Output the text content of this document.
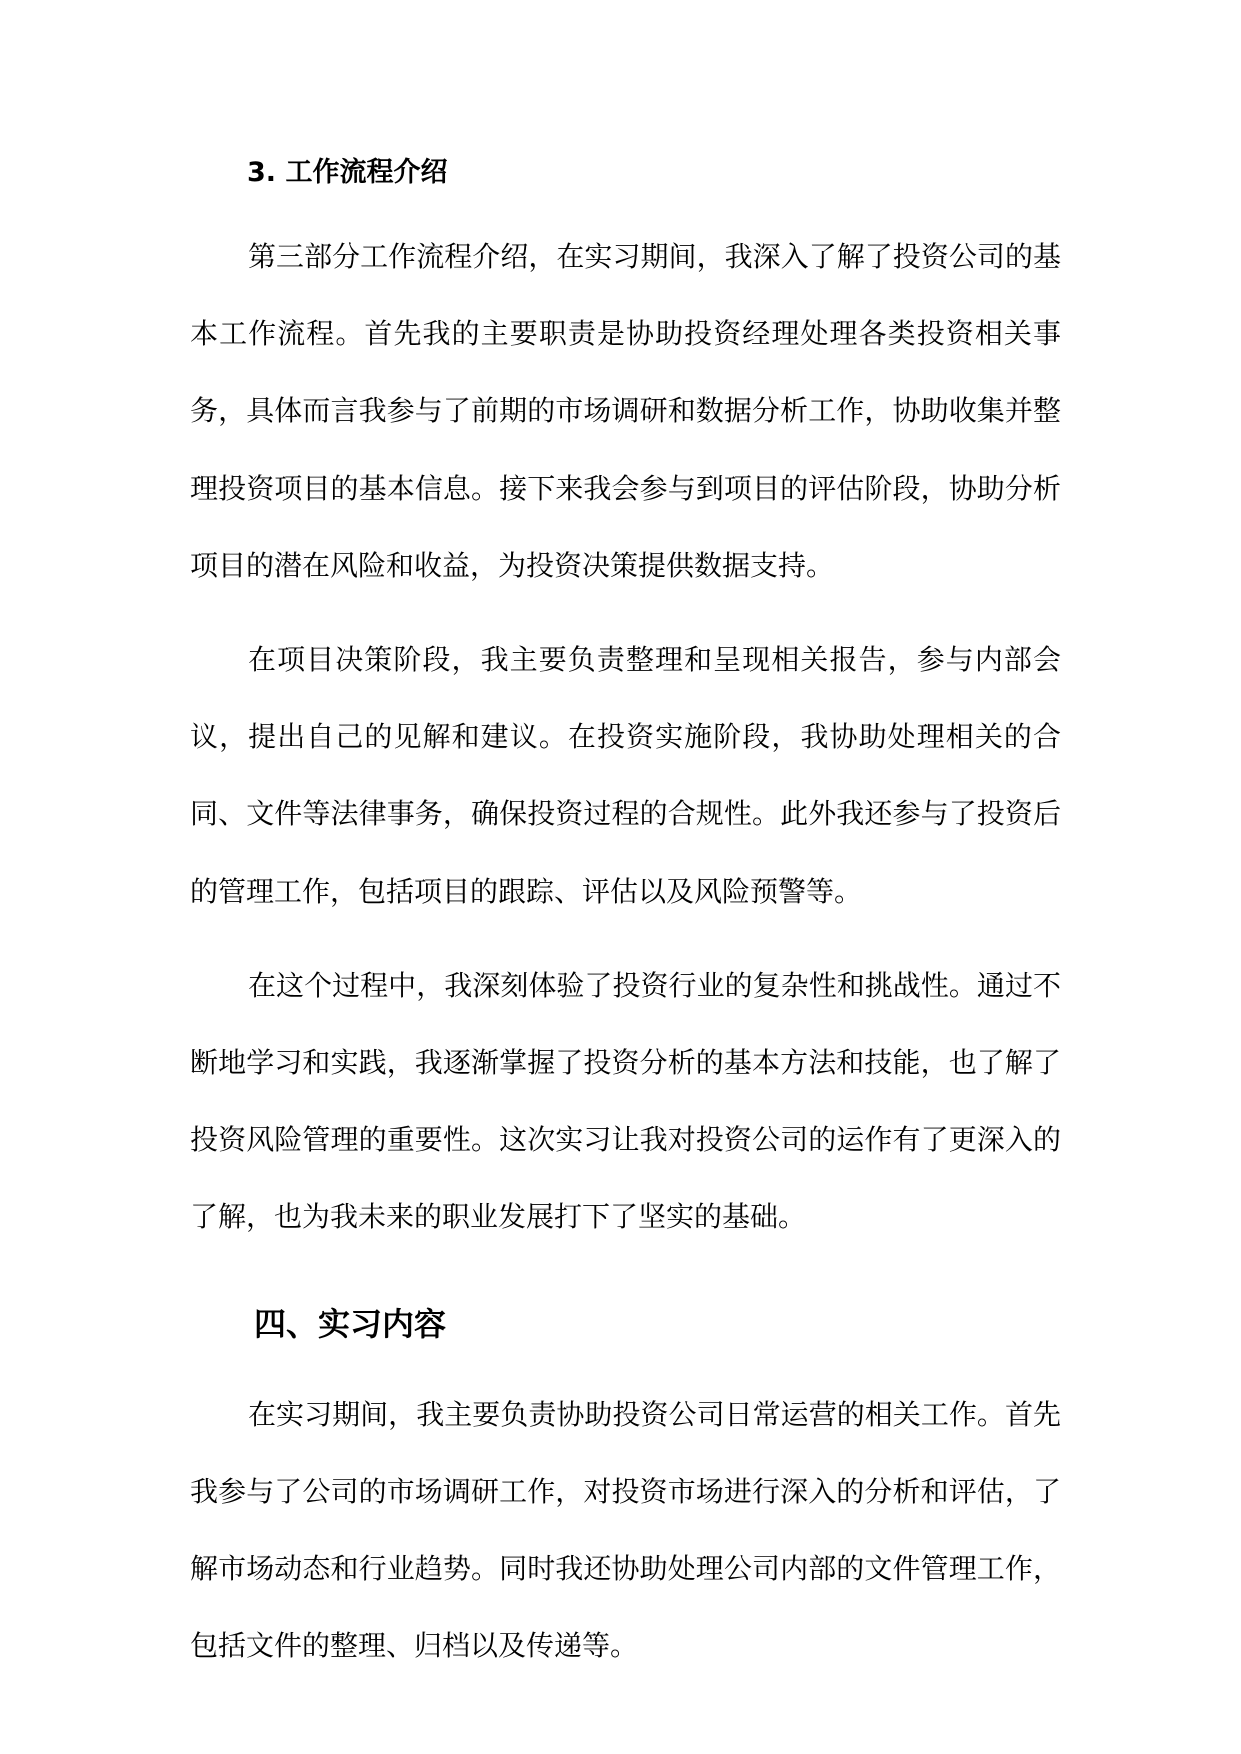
3. 工作流程介绍

第三部分工作流程介绍，在实习期间，我深入了解了投资公司的基本工作流程。首先我的主要职责是协助投资经理处理各类投资相关事务，具体而言我参与了前期的市场调研和数据分析工作，协助收集并整理投资项目的基本信息。接下来我会参与到项目的评估阶段，协助分析项目的潜在风险和收益，为投资决策提供数据支持。

在项目决策阶段，我主要负责整理和呈现相关报告，参与内部会议，提出自己的见解和建议。在投资实施阶段，我协助处理相关的合同、文件等法律事务，确保投资过程的合规性。此外我还参与了投资后的管理工作，包括项目的跟踪、评估以及风险预警等。

在这个过程中，我深刻体验了投资行业的复杂性和挑战性。通过不断地学习和实践，我逐渐掌握了投资分析的基本方法和技能，也了解了投资风险管理的重要性。这次实习让我对投资公司的运作有了更深入的了解，也为我未来的职业发展打下了坚实的基础。

四、实习内容

在实习期间，我主要负责协助投资公司日常运营的相关工作。首先我参与了公司的市场调研工作，对投资市场进行深入的分析和评估，了解市场动态和行业趋势。同时我还协助处理公司内部的文件管理工作，包括文件的整理、归档以及传递等。
